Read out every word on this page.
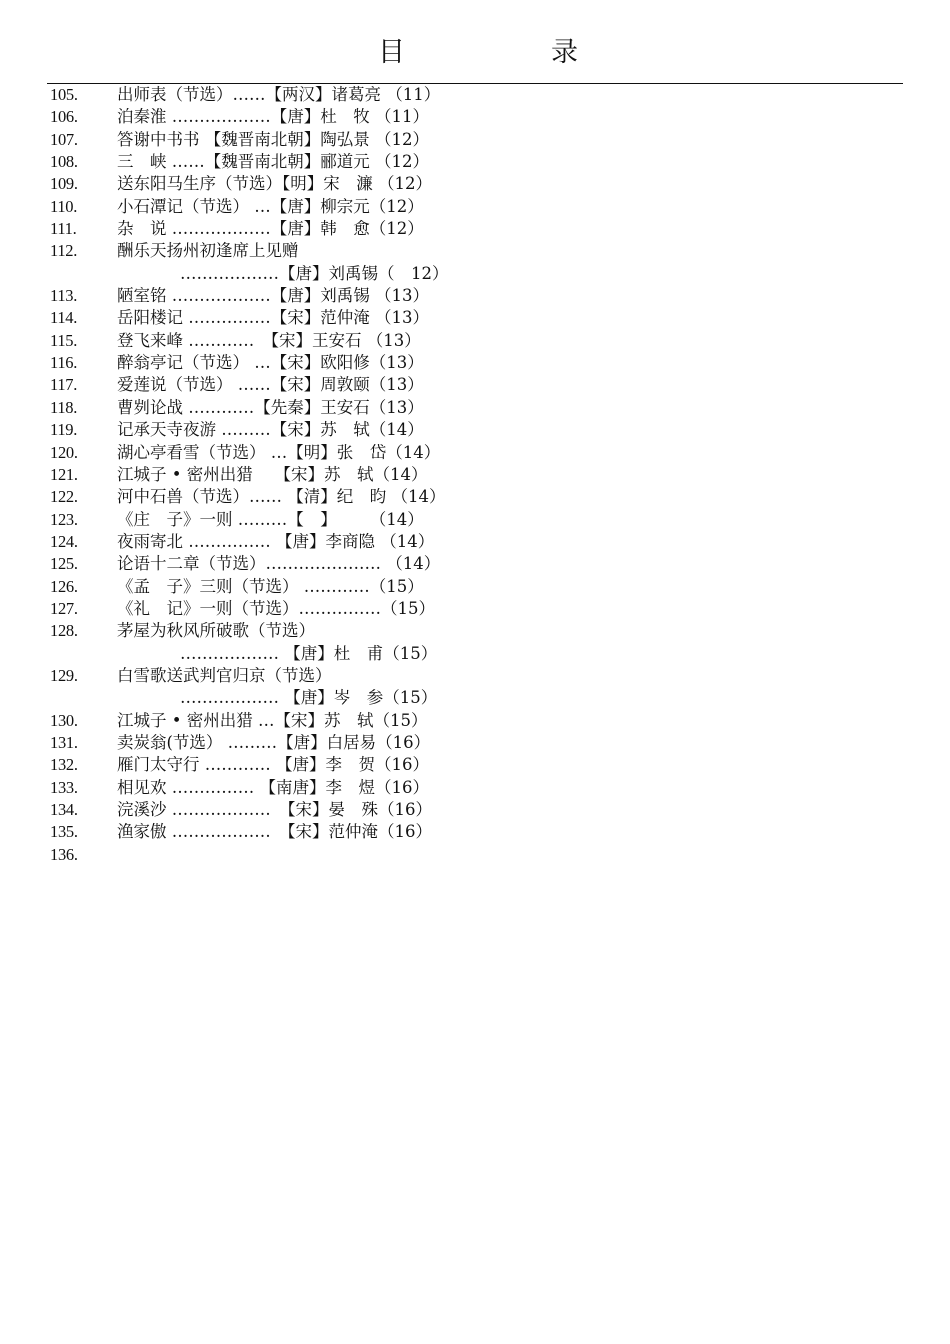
目	录
105. 出师表（节选）……【两汉】诸葛亮 （11）
106. 泊秦淮 ………………【唐】杜　牧 （11）
107. 答谢中书书 【魏晋南北朝】陶弘景 （12）
108. 三　峡 ……【魏晋南北朝】郦道元 （12）
109. 送东阳马生序（节选）【明】宋　濂 （12）
110. 小石潭记（节选） …【唐】柳宗元（12）
111. 杂　说 ………………【唐】韩　愈（12）
112. 酬乐天扬州初逢席上见赠
………………【唐】刘禹锡（　12）
113. 陋室铭 ………………【唐】刘禹锡 （13）
114. 岳阳楼记 ……………【宋】范仲淹 （13）
115. 登飞来峰 …………　【宋】王安石 （13）
116. 醉翁亭记（节选） …【宋】欧阳修（13）
117. 爱莲说（节选） ……【宋】周敦颐（13）
118. 曹刿论战 …………【先秦】王安石（13）
119. 记承天寺夜游 ………【宋】苏　轼（14）
120. 湖心亭看雪（节选） …【明】张　岱（14）
121. 江城子 • 密州出猎　 【宋】苏　轼（14）
122. 河中石兽（节选）…… 【清】纪　昀 （14）
123. 《庄　子》一则 ………【　】　　　（14）
124. 夜雨寄北 …………… 【唐】李商隐 （14）
125. 论语十二章（节选）………………… （14）
126. 《孟　子》三则（节选） …………（15）
127. 《礼　记》一则（节选）……………（15）
128. 茅屋为秋风所破歌（节选）
……………… 【唐】杜　甫（15）
129. 白雪歌送武判官归京（节选）
……………… 【唐】岑　参（15）
130. 江城子 • 密州出猎 …【宋】苏　轼（15）
131. 卖炭翁(节选） ………【唐】白居易（16）
132. 雁门太守行 ………… 【唐】李　贺（16）
133. 相见欢 …………… 【南唐】李　煜（16）
134. 浣溪沙 ………………　【宋】晏　殊（16）
135. 渔家傲 ………………　【宋】范仲淹（16）
136.
